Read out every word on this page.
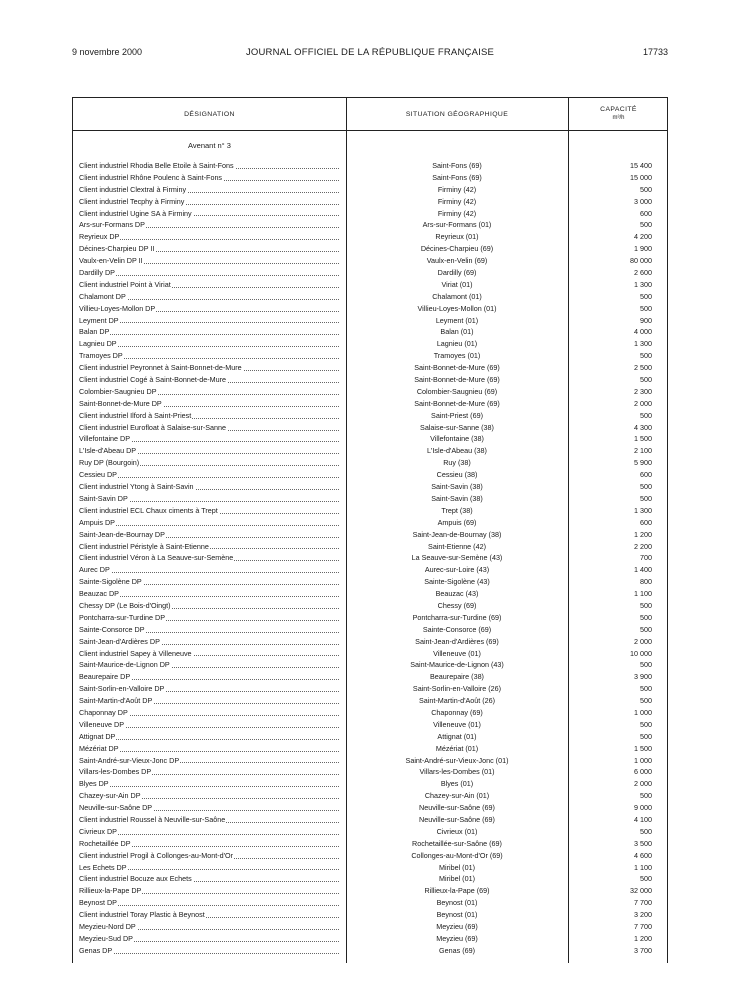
9 novembre 2000	JOURNAL OFFICIEL DE LA RÉPUBLIQUE FRANÇAISE	17733
DÉSIGNATION	SITUATION GÉOGRAPHIQUE
CAPACITÉ
m³/h
Avenant n° 3
Client industriel Rhodia Belle Etoile à Saint-Fons	Saint-Fons (69)	15 400
Client industriel Rhône Poulenc à Saint-Fons	Saint-Fons (69)	15 000
Client industriel Clextral à Firminy	Firminy (42)	500
Client industriel Tecphy à Firminy	Firminy (42)	3 000
Client industriel Ugine SA à Firminy	Firminy (42)	600
Ars-sur-Formans DP	Ars-sur-Formans (01)	500
Reyrieux DP	Reyrieux (01)	4 200
Décines-Charpieu DP II	Décines-Charpieu (69)	1 900
Vaulx-en-Velin DP II	Vaulx-en-Velin (69)	80 000
Dardilly DP	Dardilly (69)	2 600
Client industriel Point à Viriat	Viriat (01)	1 300
Chalamont DP	Chalamont (01)	500
Villieu-Loyes-Mollon DP	Villieu-Loyes-Mollon (01)	500
Leyment DP	Leyment (01)	900
Balan DP	Balan (01)	4 000
Lagnieu DP	Lagnieu (01)	1 300
Tramoyes DP	Tramoyes (01)	500
Client industriel Peyronnet à Saint-Bonnet-de-Mure	Saint-Bonnet-de-Mure (69)	2 500
Client industriel Cogé à Saint-Bonnet-de-Mure	Saint-Bonnet-de-Mure (69)	500
Colombier-Saugnieu DP	Colombier-Saugnieu (69)	2 300
Saint-Bonnet-de-Mure DP	Saint-Bonnet-de-Mure (69)	2 000
Client industriel Ilford à Saint-Priest	Saint-Priest (69)	500
Client industriel Eurofloat à Salaise-sur-Sanne	Salaise-sur-Sanne (38)	4 300
Villefontaine DP	Villefontaine (38)	1 500
L'Isle-d'Abeau DP	L'Isle-d'Abeau (38)	2 100
Ruy DP (Bourgoin)	Ruy (38)	5 900
Cessieu DP	Cessieu (38)	600
Client industriel Ytong à Saint-Savin	Saint-Savin (38)	500
Saint-Savin DP	Saint-Savin (38)	500
Client industriel ECL Chaux ciments à Trept	Trept (38)	1 300
Ampuis DP	Ampuis (69)	600
Saint-Jean-de-Bournay DP	Saint-Jean-de-Bournay (38)	1 200
Client industriel Péristyle à Saint-Etienne	Saint-Etienne (42)	2 200
Client industriel Véron à La Seauve-sur-Semène	La Seauve-sur-Semène (43)	700
Aurec DP	Aurec-sur-Loire (43)	1 400
Sainte-Sigolène DP	Sainte-Sigolène (43)	800
Beauzac DP	Beauzac (43)	1 100
Chessy DP (Le Bois-d'Oingt)	Chessy (69)	500
Pontcharra-sur-Turdine DP	Pontcharra-sur-Turdine (69)	500
Sainte-Consorce DP	Sainte-Consorce (69)	500
Saint-Jean-d'Ardières DP	Saint-Jean-d'Ardières (69)	2 000
Client industriel Sapey à Villeneuve	Villeneuve (01)	10 000
Saint-Maurice-de-Lignon DP	Saint-Maurice-de-Lignon (43)	500
Beaurepaire DP	Beaurepaire (38)	3 900
Saint-Sorlin-en-Valloire DP	Saint-Sorlin-en-Valloire (26)	500
Saint-Martin-d'Août DP	Saint-Martin-d'Août (26)	500
Chaponnay DP	Chaponnay (69)	1 000
Villeneuve DP	Villeneuve (01)	500
Attignat DP	Attignat (01)	500
Mézériat DP	Mézériat (01)	1 500
Saint-André-sur-Vieux-Jonc DP	Saint-André-sur-Vieux-Jonc (01)	1 000
Villars-les-Dombes DP	Villars-les-Dombes (01)	6 000
Blyes DP	Blyes (01)	2 000
Chazey-sur-Ain DP	Chazey-sur-Ain (01)	500
Neuville-sur-Saône DP	Neuville-sur-Saône (69)	9 000
Client industriel Roussel à Neuville-sur-Saône	Neuville-sur-Saône (69)	4 100
Civrieux DP	Civrieux (01)	500
Rochetaillée DP	Rochetaillée-sur-Saône (69)	3 500
Client industriel Progil à Collonges-au-Mont-d'Or	Collonges-au-Mont-d'Or (69)	4 600
Les Echets DP	Miribel (01)	1 100
Client industriel Bocuze aux Echets	Miribel (01)	500
Rillieux-la-Pape DP	Rillieux-la-Pape (69)	32 000
Beynost DP	Beynost (01)	7 700
Client industriel Toray Plastic à Beynost	Beynost (01)	3 200
Meyzieu-Nord DP	Meyzieu (69)	7 700
Meyzieu-Sud DP	Meyzieu (69)	1 200
Genas DP	Genas (69)	3 700
